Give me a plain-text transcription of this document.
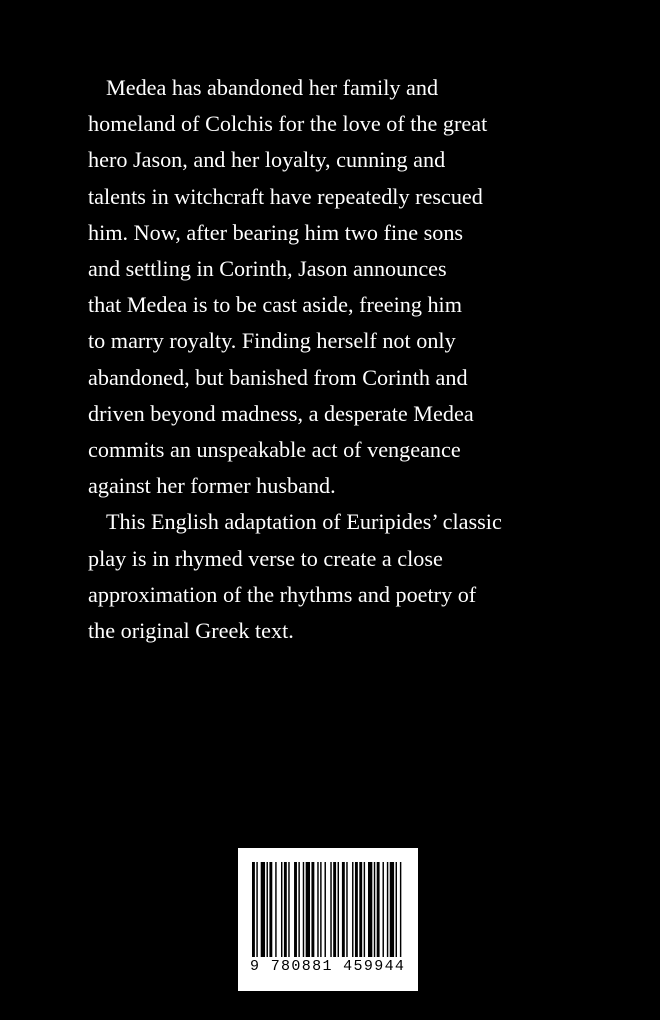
Medea has abandoned her family and
homeland of Colchis for the love of the great
hero Jason, and her loyalty, cunning and
talents in witchcraft have repeatedly rescued
him. Now, after bearing him two fine sons
and settling in Corinth, Jason announces
that Medea is to be cast aside, freeing him
to marry royalty. Finding herself not only
abandoned, but banished from Corinth and
driven beyond madness, a desperate Medea
commits an unspeakable act of vengeance
against her former husband.
This English adaptation of Euripides’ classic
play is in rhymed verse to create a close
approximation of the rhythms and poetry of
the original Greek text.
9 780881 459944
